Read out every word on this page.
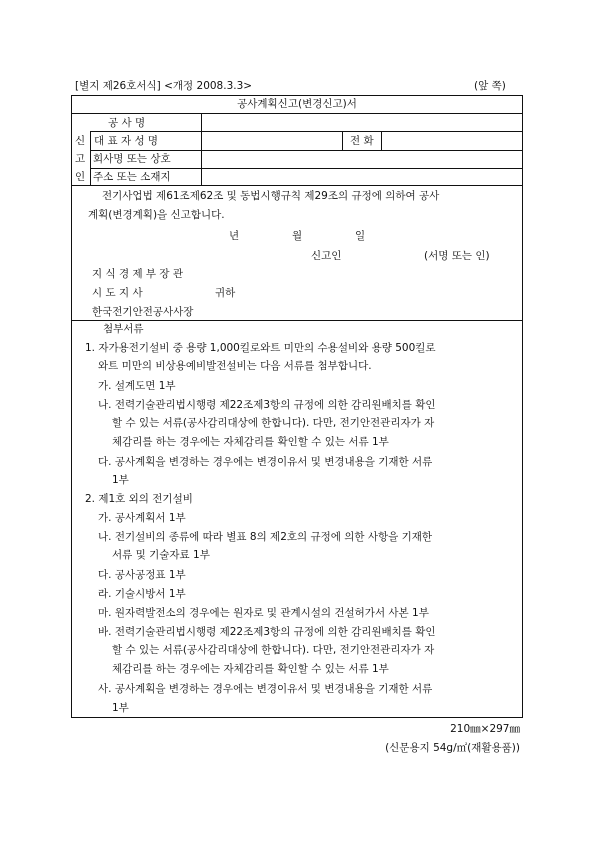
[별지 제26호서식] <개정 2008.3.3>	(앞 쪽)
공사계획신고(변경신고)서
신
고
인
공 사 명
대 표 자 성 명	전 화
회사명 또는 상호
주소 또는 소재지
전기사업법 제61조제62조 및 동법시행규칙 제29조의 규정에 의하여 공사
계획(변경계획)을 신고합니다.
년	월	일
신고인	(서명 또는 인)
지 식 경 제 부 장 관
시 도 지 사	귀하
한국전기안전공사사장
첨부서류
1. 자가용전기설비 중 용량 1,000킬로와트 미만의 수용설비와 용량 500킬로
와트 미만의 비상용예비발전설비는 다음 서류를 첨부합니다.
가. 설계도면 1부
나. 전력기술관리법시행령 제22조제3항의 규정에 의한 감리원배치를 확인
할 수 있는 서류(공사감리대상에 한합니다). 다만, 전기안전관리자가 자
체감리를 하는 경우에는 자체감리를 확인할 수 있는 서류 1부
다. 공사계획을 변경하는 경우에는 변경이유서 및 변경내용을 기재한 서류
1부
2. 제1호 외의 전기설비
가. 공사계획서 1부
나. 전기설비의 종류에 따라 별표 8의 제2호의 규정에 의한 사항을 기재한
서류 및 기술자료 1부
다. 공사공정표 1부
라. 기술시방서 1부
마. 원자력발전소의 경우에는 원자로 및 관계시설의 건설허가서 사본 1부
바. 전력기술관리법시행령 제22조제3항의 규정에 의한 감리원배치를 확인
할 수 있는 서류(공사감리대상에 한합니다). 다만, 전기안전관리자가 자
체감리를 하는 경우에는 자체감리를 확인할 수 있는 서류 1부
사. 공사계획을 변경하는 경우에는 변경이유서 및 변경내용을 기재한 서류
1부
210㎜×297㎜
(신문용지 54g/㎡(재활용품))
